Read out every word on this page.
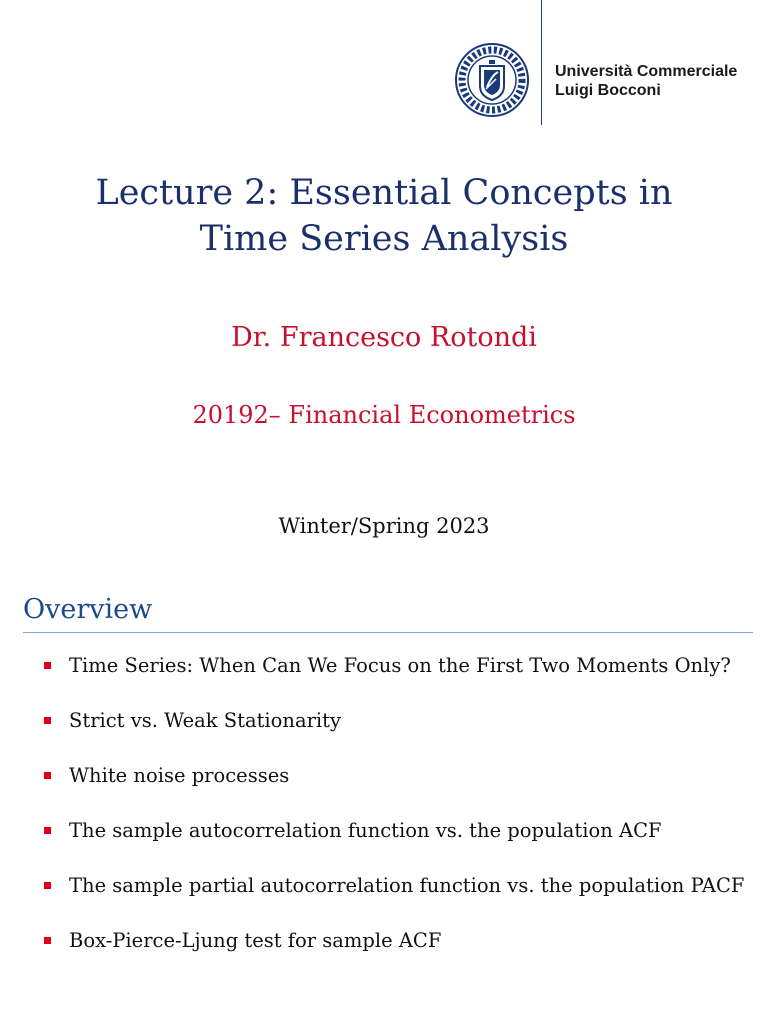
Università Commerciale
Luigi Bocconi
Lecture 2: Essential Concepts in
Time Series Analysis
Dr. Francesco Rotondi
20192– Financial Econometrics
Winter/Spring 2023
Overview
Time Series: When Can We Focus on the First Two Moments Only?
Strict vs. Weak Stationarity
White noise processes
The sample autocorrelation function vs. the population ACF
The sample partial autocorrelation function vs. the population PACF
Box-Pierce-Ljung test for sample ACF
